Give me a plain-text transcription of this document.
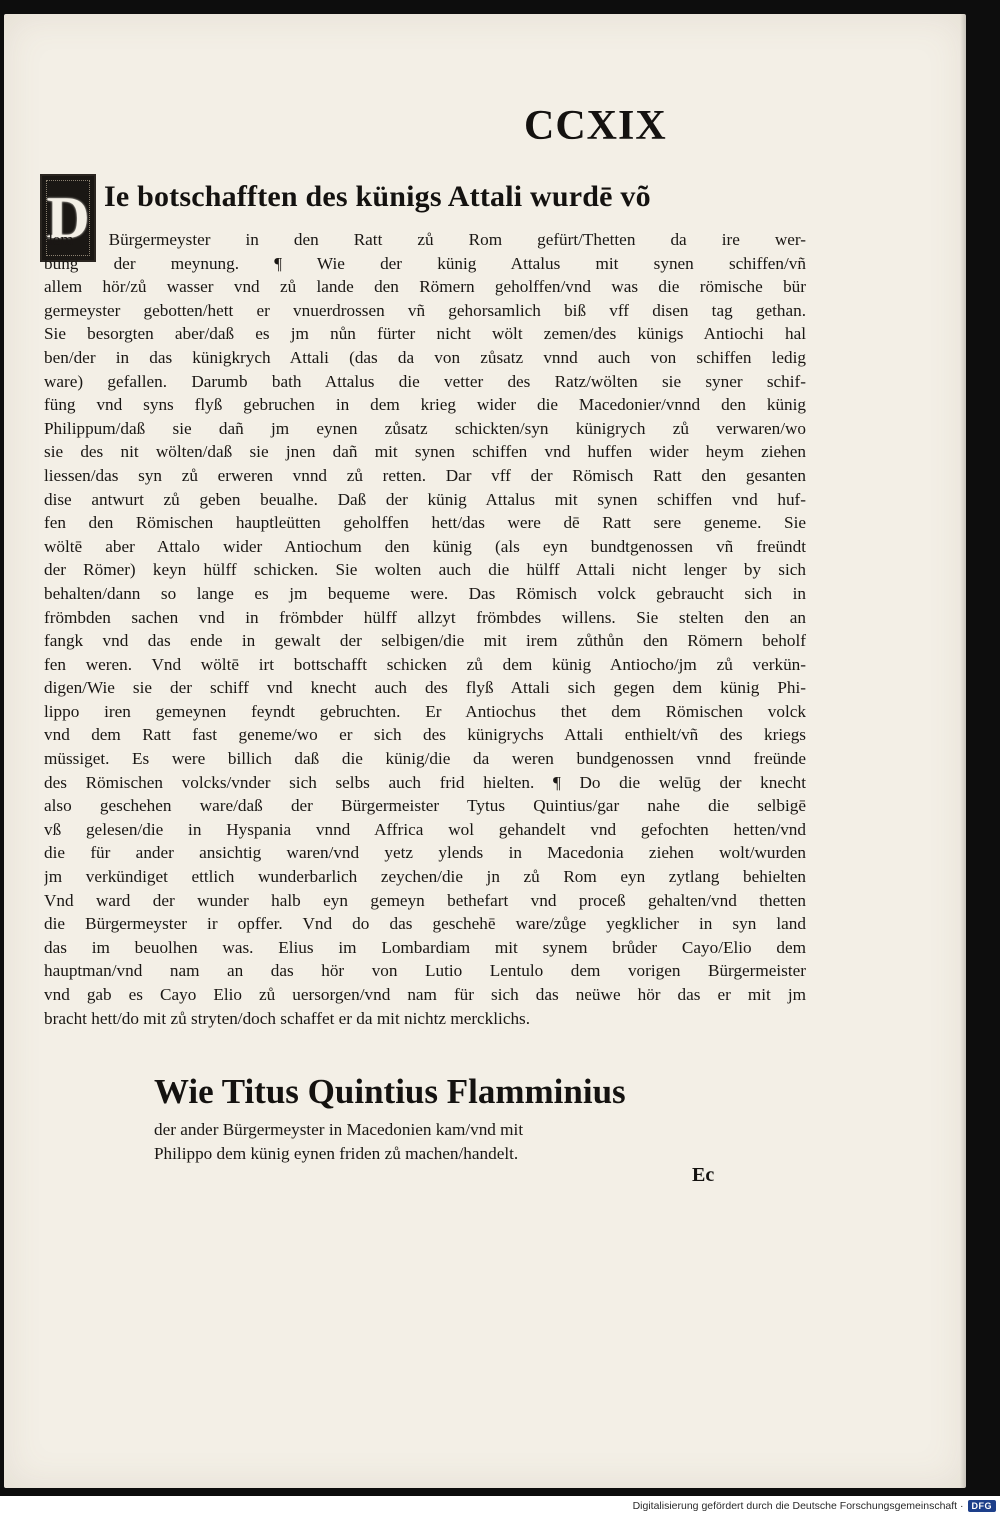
CCXIX
D Ie botschafften des künigs Attali wurdē võ
dem Bürgermeyster in den Ratt zů Rom gefürt/Thetten da ire wer-
bung der meynung. ¶ Wie der künig Attalus mit synen schiffen/vñ
allem hör/zů wasser vnd zů lande den Römern geholffen/vnd was die römische bür
germeyster gebotten/hett er vnuerdrossen vñ gehorsamlich biß vff disen tag gethan.
Sie besorgten aber/daß es jm nůn fürter nicht wölt zemen/des künigs Antiochi hal
ben/der in das künigkrych Attali (das da von zůsatz vnnd auch von schiffen ledig
ware) gefallen. Darumb bath Attalus die vetter des Ratz/wölten sie syner schif-
füng vnd syns flyß gebruchen in dem krieg wider die Macedonier/vnnd den künig
Philippum/daß sie dañ jm eynen zůsatz schickten/syn künigrych zů verwaren/wo
sie des nit wölten/daß sie jnen dañ mit synen schiffen vnd huffen wider heym ziehen
liessen/das syn zů erweren vnnd zů retten. Dar vff der Römisch Ratt den gesanten
dise antwurt zů geben beualhe. Daß der künig Attalus mit synen schiffen vnd huf-
fen den Römischen hauptleütten geholffen hett/das were dē Ratt sere geneme. Sie
wöltē aber Attalo wider Antiochum den künig (als eyn bundtgenossen vñ freündt
der Römer) keyn hülff schicken. Sie wolten auch die hülff Attali nicht lenger by sich
behalten/dann so lange es jm bequeme were. Das Römisch volck gebraucht sich in
frömbden sachen vnd in frömbder hülff allzyt frömbdes willens. Sie stelten den an
fangk vnd das ende in gewalt der selbigen/die mit irem zůthůn den Römern beholf
fen weren. Vnd wöltē irt bottschafft schicken zů dem künig Antiocho/jm zů verkün-
digen/Wie sie der schiff vnd knecht auch des flyß Attali sich gegen dem künig Phi-
lippo iren gemeynen feyndt gebruchten. Er Antiochus thet dem Römischen volck
vnd dem Ratt fast geneme/wo er sich des künigrychs Attali enthielt/vñ des kriegs
müssiget. Es were billich daß die künig/die da weren bundgenossen vnnd freünde
des Römischen volcks/vnder sich selbs auch frid hielten. ¶ Do die welūg der knecht
also geschehen ware/daß der Bürgermeister Tytus Quintius/gar nahe die selbigē
vß gelesen/die in Hyspania vnnd Affrica wol gehandelt vnd gefochten hetten/vnd
die für ander ansichtig waren/vnd yetz ylends in Macedonia ziehen wolt/wurden
jm verkündiget ettlich wunderbarlich zeychen/die jn zů Rom eyn zytlang behielten
Vnd ward der wunder halb eyn gemeyn bethefart vnd proceß gehalten/vnd thetten
die Bürgermeyster ir opffer. Vnd do das geschehē ware/zůge yegklicher in syn land
das im beuolhen was. Elius im Lombardiam mit synem brůder Cayo/Elio dem
hauptman/vnd nam an das hör von Lutio Lentulo dem vorigen Bürgermeister
vnd gab es Cayo Elio zů uersorgen/vnd nam für sich das neüwe hör das er mit jm
bracht hett/do mit zů stryten/doch schaffet er da mit nichtz mercklichs.
Wie Titus Quintius Flamminius
der ander Bürgermeyster in Macedonien kam/vnd mit
Philippo dem künig eynen friden zů machen/handelt.
Ec
Digitalisierung gefördert durch die Deutsche Forschungsgemeinschaft · DFG
